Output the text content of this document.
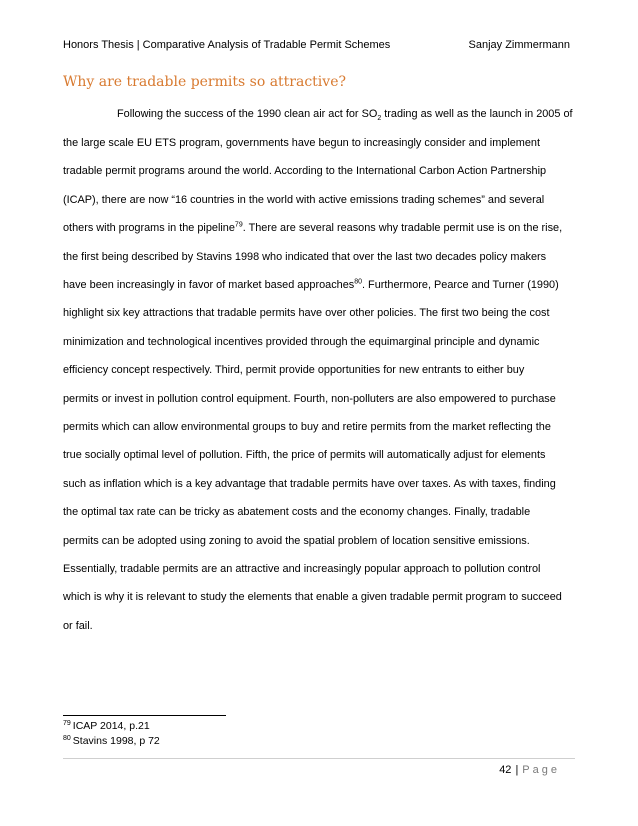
Honors Thesis | Comparative Analysis of Tradable Permit Schemes	Sanjay Zimmermann
Why are tradable permits so attractive?
Following the success of the 1990 clean air act for $SO_2$ trading as well as the launch in 2005 of
the large scale EU ETS program, governments have begun to increasingly consider and implement
tradable permit programs around the world. According to the International Carbon Action Partnership
(ICAP), there are now “16 countries in the world with active emissions trading schemes” and several
others with programs in the pipeline$^{79}$. There are several reasons why tradable permit use is on the rise,
the first being described by Stavins 1998 who indicated that over the last two decades policy makers
have been increasingly in favor of market based approaches$^{80}$. Furthermore, Pearce and Turner (1990)
highlight six key attractions that tradable permits have over other policies. The first two being the cost
minimization and technological incentives provided through the equimarginal principle and dynamic
efficiency concept respectively. Third, permit provide opportunities for new entrants to either buy
permits or invest in pollution control equipment. Fourth, non-polluters are also empowered to purchase
permits which can allow environmental groups to buy and retire permits from the market reflecting the
true socially optimal level of pollution. Fifth, the price of permits will automatically adjust for elements
such as inflation which is a key advantage that tradable permits have over taxes. As with taxes, finding
the optimal tax rate can be tricky as abatement costs and the economy changes. Finally, tradable
permits can be adopted using zoning to avoid the spatial problem of location sensitive emissions.
Essentially, tradable permits are an attractive and increasingly popular approach to pollution control
which is why it is relevant to study the elements that enable a given tradable permit program to succeed
or fail.
$^{79}$ ICAP 2014, p.21
$^{80}$ Stavins 1998, p 72
42 | Page
